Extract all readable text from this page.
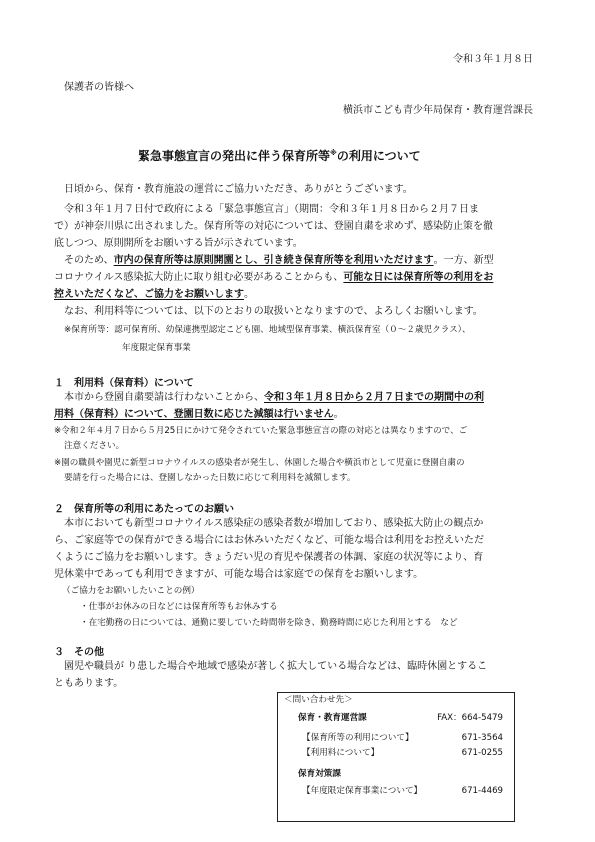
令和３年１月８日
保護者の皆様へ
横浜市こども青少年局保育・教育運営課長
緊急事態宣言の発出に伴う保育所等※の利用について
日頃から、保育・教育施設の運営にご協力いただき、ありがとうございます。
令和３年１月７日付で政府による「緊急事態宣言」（期間：令和３年１月８日から２月７日ま
で）が神奈川県に出されました。保育所等の対応については、登園自粛を求めず、感染防止策を徹
底しつつ、原則開所をお願いする旨が示されています。
そのため、市内の保育所等は原則開園とし、引き続き保育所等を利用いただけます。一方、新型
コロナウイルス感染拡大防止に取り組む必要があることからも、可能な日には保育所等の利用をお
控えいただくなど、ご協力をお願いします。
なお、利用料等については、以下のとおりの取扱いとなりますので、よろしくお願いします。
※保育所等：認可保育所、幼保連携型認定こども園、地域型保育事業、横浜保育室（０～２歳児クラス）、
年度限定保育事業
１　利用料（保育料）について
本市から登園自粛要請は行わないことから、令和３年１月８日から２月７日までの期間中の利
用料（保育料）について、登園日数に応じた減額は行いません。
※令和２年４月７日から５月25日にかけて発令されていた緊急事態宣言の際の対応とは異なりますので、ご
注意ください。
※園の職員や園児に新型コロナウイルスの感染者が発生し、休園した場合や横浜市として児童に登園自粛の
要請を行った場合には、登園しなかった日数に応じて利用料を減額します。
２　保育所等の利用にあたってのお願い
本市においても新型コロナウイルス感染症の感染者数が増加しており、感染拡大防止の観点か
ら、ご家庭等での保育ができる場合にはお休みいただくなど、可能な場合は利用をお控えいただ
くようにご協力をお願いします。きょうだい児の育児や保護者の体調、家庭の状況等により、育
児休業中であっても利用できますが、可能な場合は家庭での保育をお願いします。
（ご協力をお願いしたいことの例）
・仕事がお休みの日などには保育所等もお休みする
・在宅勤務の日については、通勤に要していた時間帯を除き、勤務時間に応じた利用とする　など
３　その他
園児や職員が り患した場合や地域で感染が著しく拡大している場合などは、臨時休園とするこ
ともあります。
＜問い合わせ先＞
保育・教育運営課	FAX：664-5479
【保育所等の利用について】	671-3564
【利用料について】	671-0255
保育対策課
【年度限定保育事業について】	671-4469
